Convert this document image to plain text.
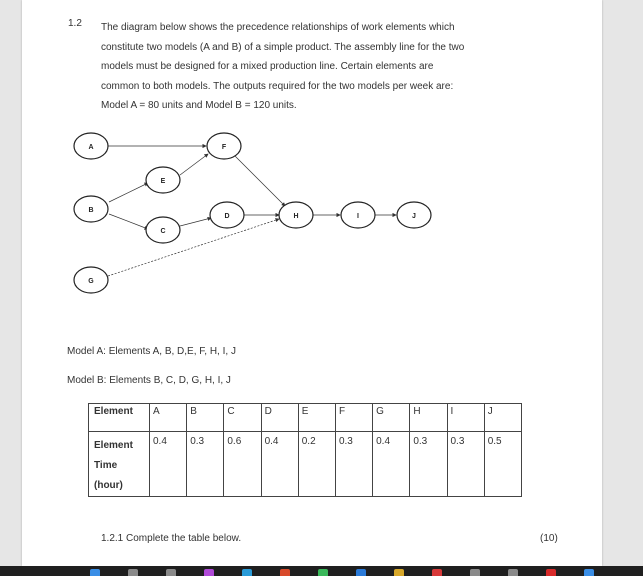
1.2 The diagram below shows the precedence relationships of work elements which

constitute two models (A and B) of a simple product. The assembly line for the two

models must be designed for a mixed production line. Certain elements are

common to both models. The outputs required for the two models per week are:

Model A = 80 units and Model B = 120 units.

A
B
C
D
E
F
G
H	I	J
Model A: Elements A, B, D,E, F, H, I, J
Model B: Elements B, C, D, G, H, I, J
Element	A	B	C	D	E	F	G	H	I	J

Element
Time
(hour)	0.4	0.3	0.6	0.4	0.2	0.3	0.4	0.3	0.3	0.5
1.2.1 Complete the table below.	(10)
